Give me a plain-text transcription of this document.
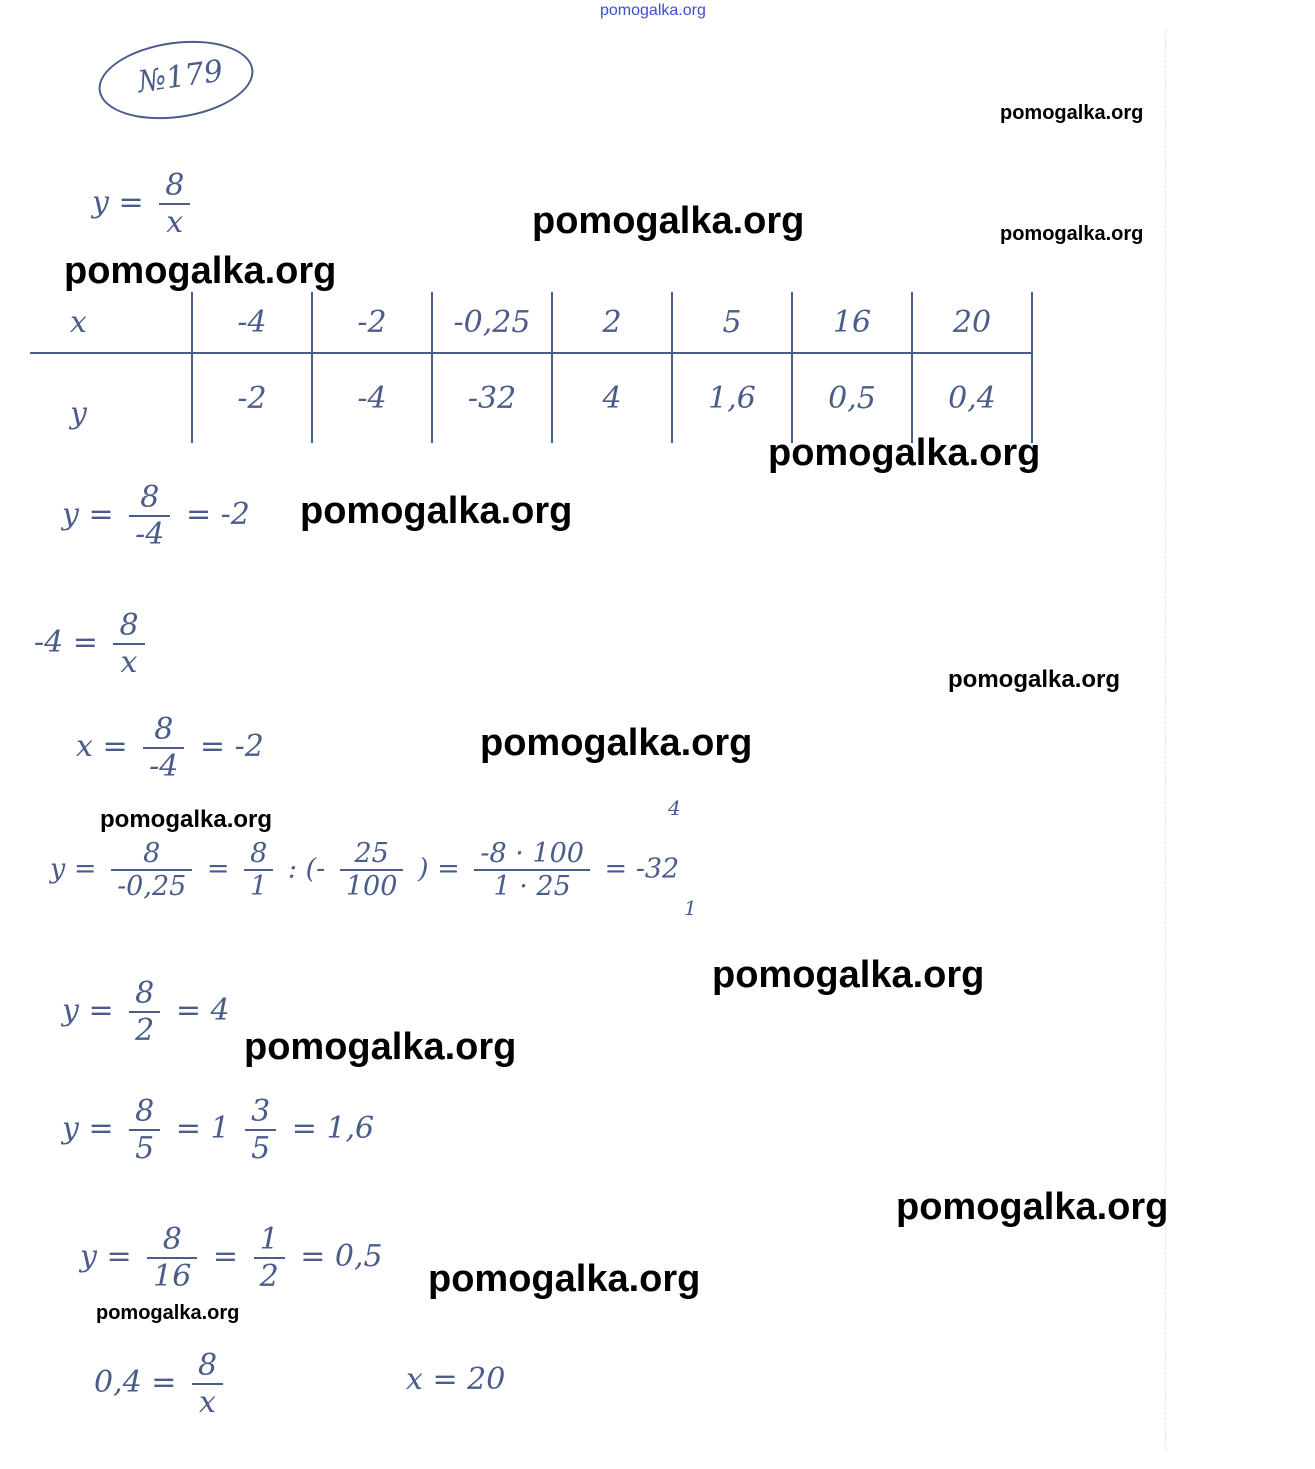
pomogalka.org
№179
$y = \frac{8}{x}$
x	-4	-2	-0,25	2	5	16	20
y	-2	-4	-32	4	1,6	0,5	0,4
$y = \frac{8}{-4} = -2$
$-4 = \frac{8}{x}$
$x = \frac{8}{-4} = -2$
$y = \frac{8}{-0,25} = \frac{8}{1}$ : (- $\frac{25}{100}$ ) = $\frac{-8 \cdot 100}{1 \cdot 25} = -32$
4
1
$y = \frac{8}{2} = 4$
$y = \frac{8}{5} = 1 \frac{3}{5} = 1,6$
$y = \frac{8}{16} = \frac{1}{2} = 0,5$
$0,4 = \frac{8}{x}$	x = 20
pomogalka.org
pomogalka.org	pomogalka.org
pomogalka.org
pomogalka.org
pomogalka.org
pomogalka.org
pomogalka.org
pomogalka.org
pomogalka.org
pomogalka.org
pomogalka.org
pomogalka.org
pomogalka.org
